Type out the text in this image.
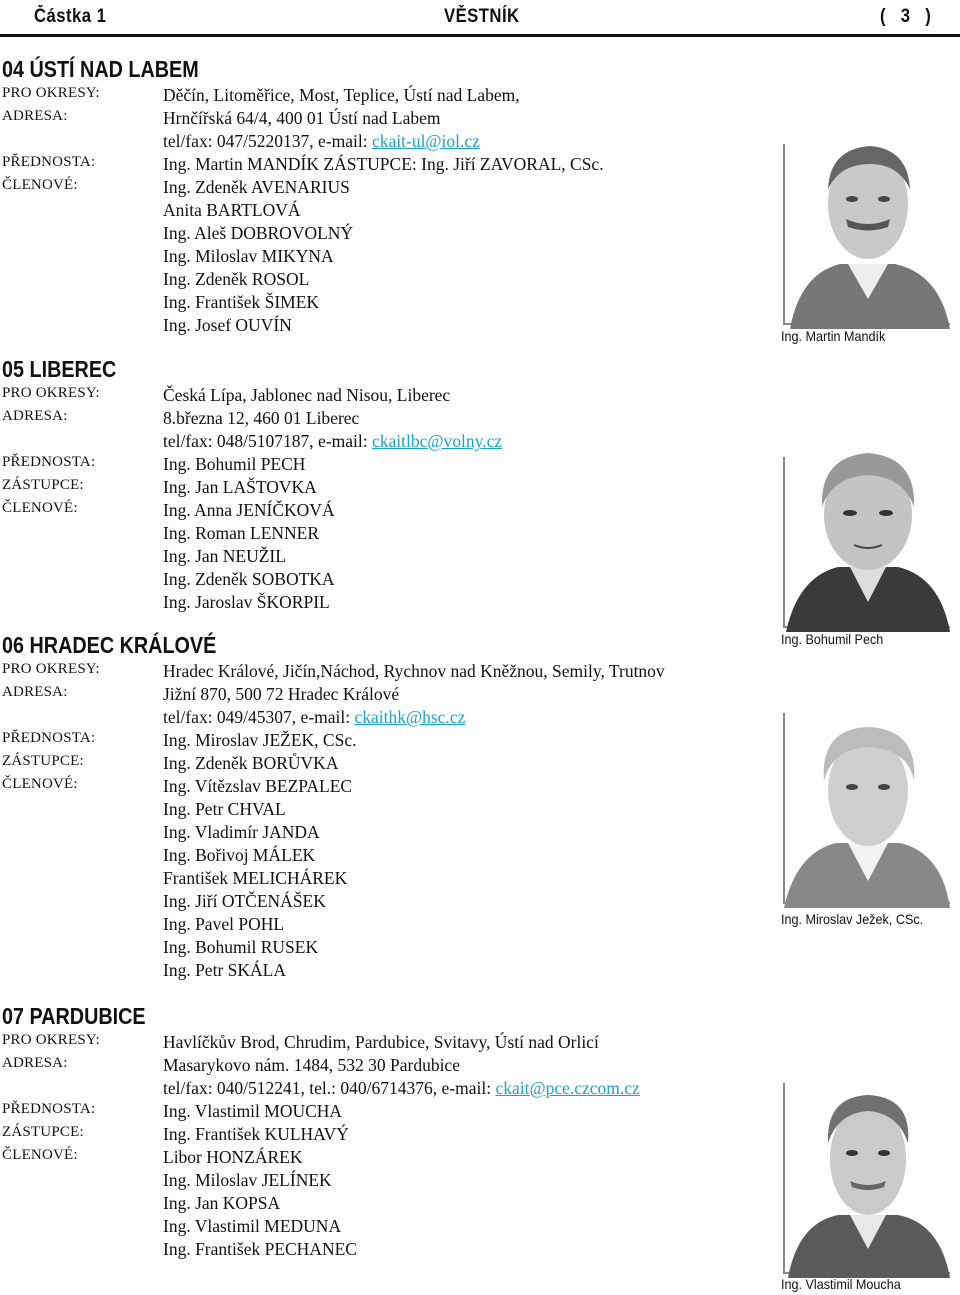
Částka 1	VĚSTNÍK	( 3 )
04 ÚSTÍ NAD LABEM
PRO OKRESY:	Děčín, Litoměřice, Most, Teplice, Ústí nad Labem,
ADRESA:	Hrnčířská 64/4, 400 01 Ústí nad Labem
tel/fax: 047/5220137, e-mail: ckait-ul@iol.cz
PŘEDNOSTA:	Ing. Martin MANDÍK ZÁSTUPCE: Ing. Jiří ZAVORAL, CSc.
ČLENOVÉ:	Ing. Zdeněk AVENARIUS
Anita BARTLOVÁ
Ing. Aleš DOBROVOLNÝ
Ing. Miloslav MIKYNA
Ing. Zdeněk ROSOL
Ing. František ŠIMEK
Ing. Josef OUVÍN
05 LIBEREC
PRO OKRESY:	Česká Lípa, Jablonec nad Nisou, Liberec
ADRESA:	8.března 12, 460 01 Liberec
tel/fax: 048/5107187, e-mail: ckaitlbc@volny.cz
PŘEDNOSTA:	Ing. Bohumil PECH
ZÁSTUPCE:	Ing. Jan LAŠTOVKA
ČLENOVÉ:	Ing. Anna JENÍČKOVÁ
Ing. Roman LENNER
Ing. Jan NEUŽIL
Ing. Zdeněk SOBOTKA
Ing. Jaroslav ŠKORPIL
06 HRADEC KRÁLOVÉ
PRO OKRESY:	Hradec Králové, Jičín,Náchod, Rychnov nad Kněžnou, Semily, Trutnov
ADRESA:	Jižní 870, 500 72 Hradec Králové
tel/fax: 049/45307, e-mail: ckaithk@hsc.cz
PŘEDNOSTA:	Ing. Miroslav JEŽEK, CSc.
ZÁSTUPCE:	Ing. Zdeněk BORŮVKA
ČLENOVÉ:	Ing. Vítězslav BEZPALEC
Ing. Petr CHVAL
Ing. Vladimír JANDA
Ing. Bořivoj MÁLEK
František MELICHÁREK
Ing. Jiří OTČENÁŠEK
Ing. Pavel POHL
Ing. Bohumil RUSEK
Ing. Petr SKÁLA
07 PARDUBICE
PRO OKRESY:	Havlíčkův Brod, Chrudim, Pardubice, Svitavy, Ústí nad Orlicí
ADRESA:	Masarykovo nám. 1484, 532 30 Pardubice
tel/fax: 040/512241, tel.: 040/6714376, e-mail: ckait@pce.czcom.cz
PŘEDNOSTA:	Ing. Vlastimil MOUCHA
ZÁSTUPCE:	Ing. František KULHAVÝ
ČLENOVÉ:	Libor HONZÁREK
Ing. Miloslav JELÍNEK
Ing. Jan KOPSA
Ing. Vlastimil MEDUNA
Ing. František PECHANEC
Ing. Martin Mandík
Ing. Bohumil Pech
Ing. Miroslav Ježek, CSc.
Ing. Vlastimil Moucha
